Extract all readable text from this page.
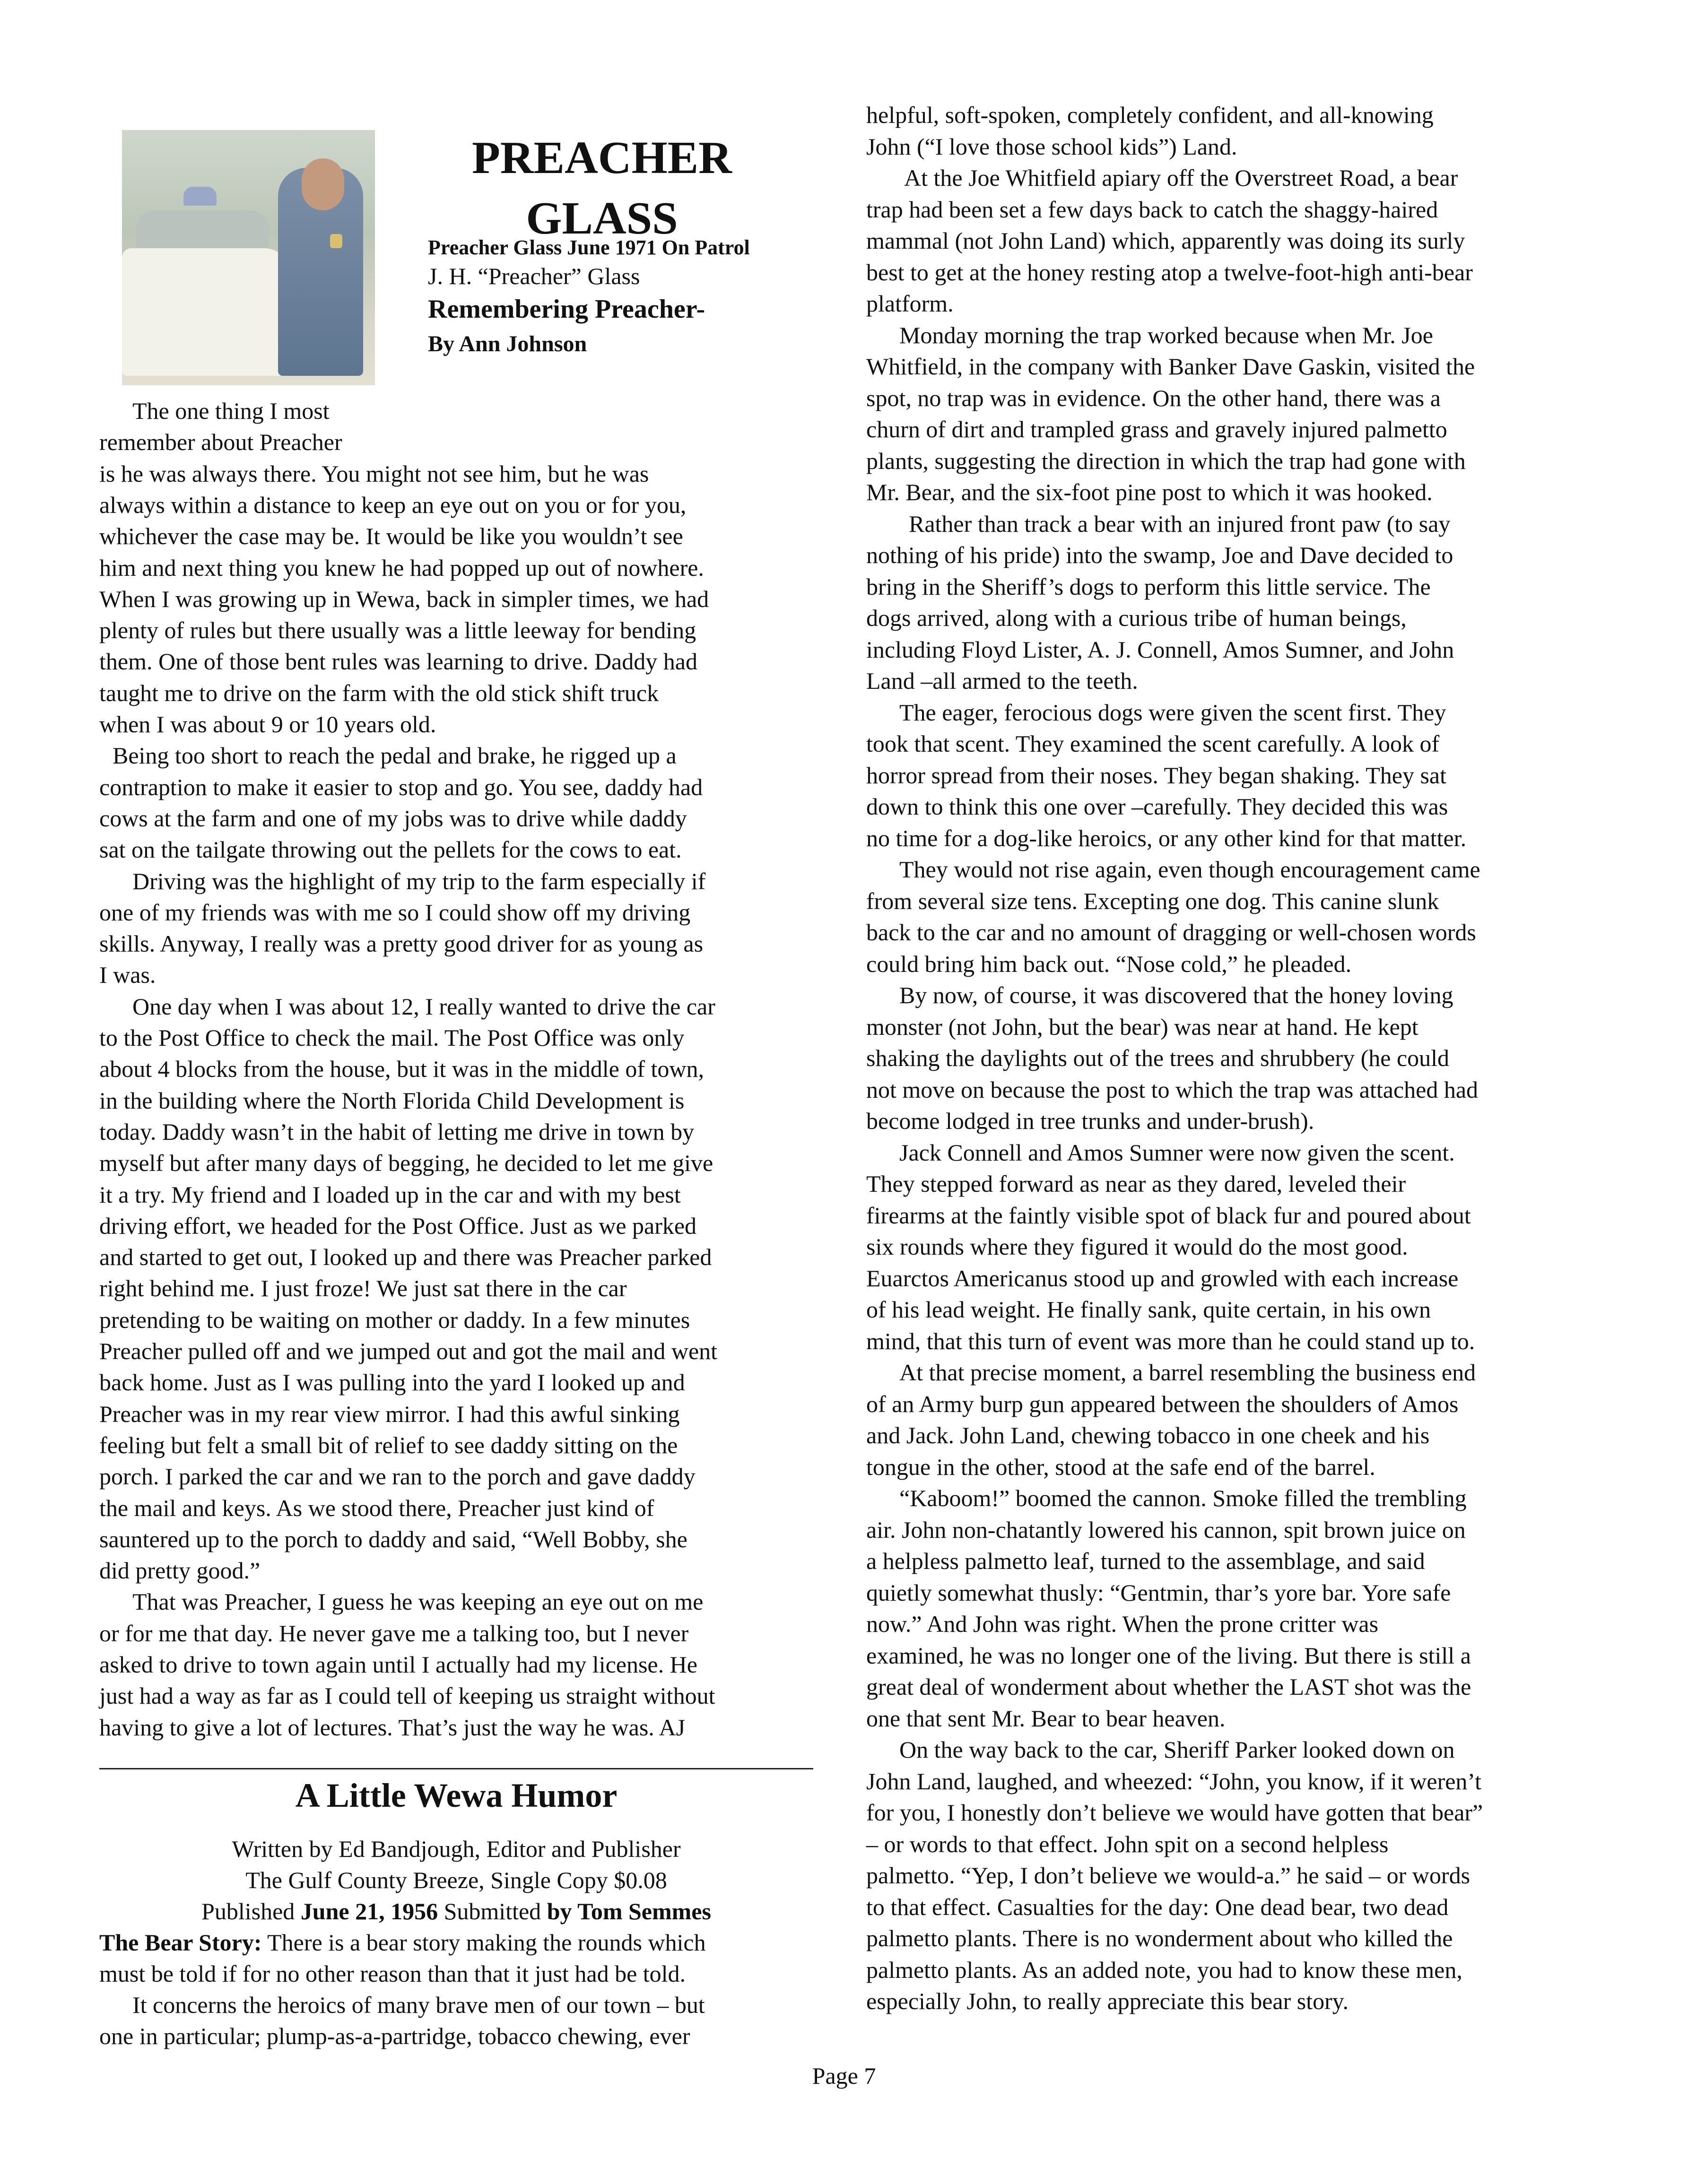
PREACHER
GLASS
Preacher Glass June 1971 On Patrol
J. H. “Preacher” Glass
Remembering Preacher-
By Ann Johnson
The one thing I most
remember about Preacher
is he was always there. You might not see him, but he was
always within a distance to keep an eye out on you or for you,
whichever the case may be. It would be like you wouldn’t see
him and next thing you knew he had popped up out of nowhere.
When I was growing up in Wewa, back in simpler times, we had
plenty of rules but there usually was a little leeway for bending
them. One of those bent rules was learning to drive. Daddy had
taught me to drive on the farm with the old stick shift truck
when I was about 9 or 10 years old.
Being too short to reach the pedal and brake, he rigged up a
contraption to make it easier to stop and go. You see, daddy had
cows at the farm and one of my jobs was to drive while daddy
sat on the tailgate throwing out the pellets for the cows to eat.
Driving was the highlight of my trip to the farm especially if
one of my friends was with me so I could show off my driving
skills. Anyway, I really was a pretty good driver for as young as
I was.
One day when I was about 12, I really wanted to drive the car
to the Post Office to check the mail. The Post Office was only
about 4 blocks from the house, but it was in the middle of town,
in the building where the North Florida Child Development is
today. Daddy wasn’t in the habit of letting me drive in town by
myself but after many days of begging, he decided to let me give
it a try. My friend and I loaded up in the car and with my best
driving effort, we headed for the Post Office. Just as we parked
and started to get out, I looked up and there was Preacher parked
right behind me. I just froze! We just sat there in the car
pretending to be waiting on mother or daddy. In a few minutes
Preacher pulled off and we jumped out and got the mail and went
back home. Just as I was pulling into the yard I looked up and
Preacher was in my rear view mirror. I had this awful sinking
feeling but felt a small bit of relief to see daddy sitting on the
porch. I parked the car and we ran to the porch and gave daddy
the mail and keys. As we stood there, Preacher just kind of
sauntered up to the porch to daddy and said, “Well Bobby, she
did pretty good.”
That was Preacher, I guess he was keeping an eye out on me
or for me that day. He never gave me a talking too, but I never
asked to drive to town again until I actually had my license. He
just had a way as far as I could tell of keeping us straight without
having to give a lot of lectures. That’s just the way he was. AJ
A Little Wewa Humor
Written by Ed Bandjough, Editor and Publisher
The Gulf County Breeze, Single Copy $0.08
Published June 21, 1956 Submitted by Tom Semmes
The Bear Story: There is a bear story making the rounds which
must be told if for no other reason than that it just had be told.
It concerns the heroics of many brave men of our town – but
one in particular; plump-as-a-partridge, tobacco chewing, ever
helpful, soft-spoken, completely confident, and all-knowing
John (“I love those school kids”) Land.
At the Joe Whitfield apiary off the Overstreet Road, a bear
trap had been set a few days back to catch the shaggy-haired
mammal (not John Land) which, apparently was doing its surly
best to get at the honey resting atop a twelve-foot-high anti-bear
platform.
Monday morning the trap worked because when Mr. Joe
Whitfield, in the company with Banker Dave Gaskin, visited the
spot, no trap was in evidence. On the other hand, there was a
churn of dirt and trampled grass and gravely injured palmetto
plants, suggesting the direction in which the trap had gone with
Mr. Bear, and the six-foot pine post to which it was hooked.
Rather than track a bear with an injured front paw (to say
nothing of his pride) into the swamp, Joe and Dave decided to
bring in the Sheriff’s dogs to perform this little service. The
dogs arrived, along with a curious tribe of human beings,
including Floyd Lister, A. J. Connell, Amos Sumner, and John
Land –all armed to the teeth.
The eager, ferocious dogs were given the scent first. They
took that scent. They examined the scent carefully. A look of
horror spread from their noses. They began shaking. They sat
down to think this one over –carefully. They decided this was
no time for a dog-like heroics, or any other kind for that matter.
They would not rise again, even though encouragement came
from several size tens. Excepting one dog. This canine slunk
back to the car and no amount of dragging or well-chosen words
could bring him back out. “Nose cold,” he pleaded.
By now, of course, it was discovered that the honey loving
monster (not John, but the bear) was near at hand. He kept
shaking the daylights out of the trees and shrubbery (he could
not move on because the post to which the trap was attached had
become lodged in tree trunks and under-brush).
Jack Connell and Amos Sumner were now given the scent.
They stepped forward as near as they dared, leveled their
firearms at the faintly visible spot of black fur and poured about
six rounds where they figured it would do the most good.
Euarctos Americanus stood up and growled with each increase
of his lead weight. He finally sank, quite certain, in his own
mind, that this turn of event was more than he could stand up to.
At that precise moment, a barrel resembling the business end
of an Army burp gun appeared between the shoulders of Amos
and Jack. John Land, chewing tobacco in one cheek and his
tongue in the other, stood at the safe end of the barrel.
“Kaboom!” boomed the cannon. Smoke filled the trembling
air. John non-chatantly lowered his cannon, spit brown juice on
a helpless palmetto leaf, turned to the assemblage, and said
quietly somewhat thusly: “Gentmin, thar’s yore bar. Yore safe
now.” And John was right. When the prone critter was
examined, he was no longer one of the living. But there is still a
great deal of wonderment about whether the LAST shot was the
one that sent Mr. Bear to bear heaven.
On the way back to the car, Sheriff Parker looked down on
John Land, laughed, and wheezed: “John, you know, if it weren’t
for you, I honestly don’t believe we would have gotten that bear”
– or words to that effect. John spit on a second helpless
palmetto. “Yep, I don’t believe we would-a.” he said – or words
to that effect. Casualties for the day: One dead bear, two dead
palmetto plants. There is no wonderment about who killed the
palmetto plants. As an added note, you had to know these men,
especially John, to really appreciate this bear story.
Page 7
